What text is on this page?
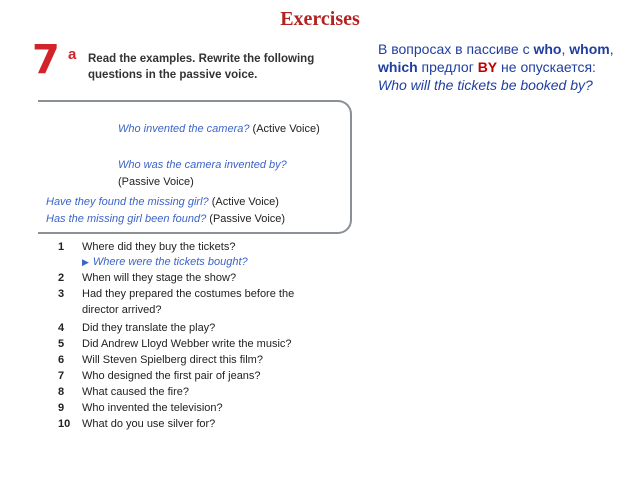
Exercises
В вопросах в пассиве с who, whom, which предлог BY не опускается:
Who will the tickets be booked by?
7 a Read the examples. Rewrite the following questions in the passive voice.
Who invented the camera? (Active Voice)
Who was the camera invented by?
(Passive Voice)
Have they found the missing girl? (Active Voice)
Has the missing girl been found? (Passive Voice)
1 Where did they buy the tickets?
▶ Where were the tickets bought?
2 When will they stage the show?
3 Had they prepared the costumes before the
director arrived?
4 Did they translate the play?
5 Did Andrew Lloyd Webber write the music?
6 Will Steven Spielberg direct this film?
7 Who designed the first pair of jeans?
8 What caused the fire?
9 Who invented the television?
10 What do you use silver for?
